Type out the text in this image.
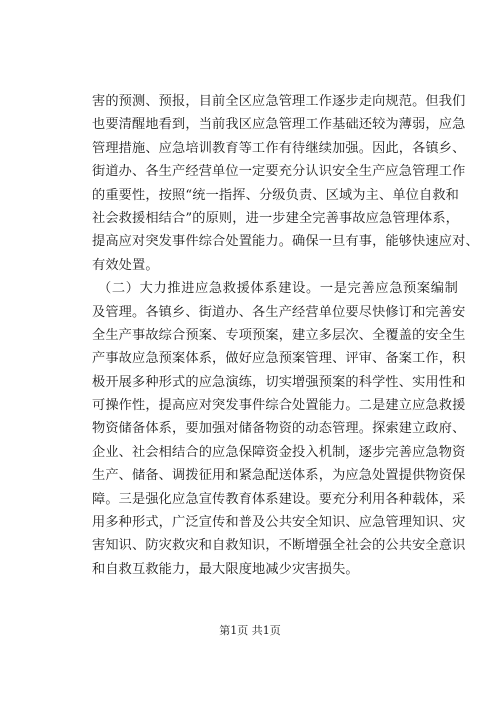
害的预测、预报，目前全区应急管理工作逐步走向规范。但我们
也要清醒地看到，当前我区应急管理工作基础还较为薄弱，应急
管理措施、应急培训教育等工作有待继续加强。因此，各镇乡、
街道办、各生产经营单位一定要充分认识安全生产应急管理工作
的重要性，按照“统一指挥、分级负责、区域为主、单位自救和
社会救援相结合”的原则，进一步建全完善事故应急管理体系，
提高应对突发事件综合处置能力。确保一旦有事，能够快速应对、
有效处置。
（二）大力推进应急救援体系建设。一是完善应急预案编制
及管理。各镇乡、街道办、各生产经营单位要尽快修订和完善安
全生产事故综合预案、专项预案，建立多层次、全覆盖的安全生
产事故应急预案体系，做好应急预案管理、评审、备案工作，积
极开展多种形式的应急演练，切实增强预案的科学性、实用性和
可操作性，提高应对突发事件综合处置能力。二是建立应急救援
物资储备体系，要加强对储备物资的动态管理。探索建立政府、
企业、社会相结合的应急保障资金投入机制，逐步完善应急物资
生产、储备、调拨征用和紧急配送体系，为应急处置提供物资保
障。三是强化应急宣传教育体系建设。要充分利用各种载体，采
用多种形式，广泛宣传和普及公共安全知识、应急管理知识、灾
害知识、防灾救灾和自救知识，不断增强全社会的公共安全意识
和自救互救能力，最大限度地减少灾害损失。
第1页 共1页
